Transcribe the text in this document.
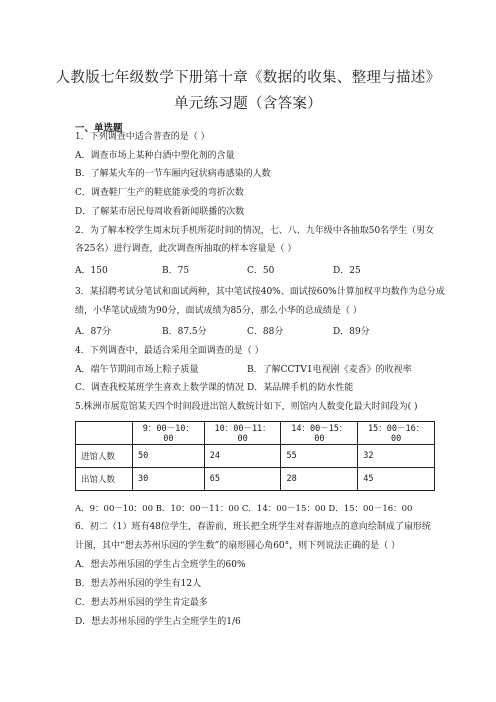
人教版七年级数学下册第十章《数据的收集、整理与描述》
单元练习题（含答案）
一、单选题
1．下列调查中适合普查的是（ ）
A．调查市场上某种白酒中塑化剂的含量
B．了解某火车的一节车厢内冠状病毒感染的人数
C．调查鞋厂生产的鞋底能承受的弯折次数
D．了解某市居民每周收看新闻联播的次数
2．为了解本校学生周末玩手机所花时间的情况，七、八、九年级中各抽取50名学生（男女
各25名）进行调查，此次调查所抽取的样本容量是（ ）
A．150	B．75	C．50	D．25
3．某招聘考试分笔试和面试两种，其中笔试按40%、面试按60%计算加权平均数作为总分成
绩，小华笔试成绩为90分，面试成绩为85分，那么小华的总成绩是（ ）
A．87分	B．87.5分	C．88分	D．89分
4．下列调查中，最适合采用全面调查的是（ ）
A．端午节期间市场上粽子质量	B．了解CCTV1电视剧《麦香》的收视率
C．调查我校某班学生喜欢上数学课的情况 D．某品牌手机的防水性能
5.株洲市展览馆某天四个时间段进出馆人数统计如下，则馆内人数变化最大时间段为( )
	9：00－10：00	10：00－11：00	14：00－15：00	15：00－16：00
进馆人数	50	24	55	32
出馆人数	30	65	28	45
A．9：00－10：00 B．10：00－11：00 C．14：00－15：00 D．15：00－16：00
6．初二（1）班有48位学生，春游前，班长把全班学生对春游地点的意向绘制成了扇形统
计图，其中“想去苏州乐园的学生数”的扇形圆心角60°，则下列说法正确的是（ ）
A．想去苏州乐园的学生占全班学生的60%
B．想去苏州乐园的学生有12人
C．想去苏州乐园的学生肯定最多
D．想去苏州乐园的学生占全班学生的1/6
